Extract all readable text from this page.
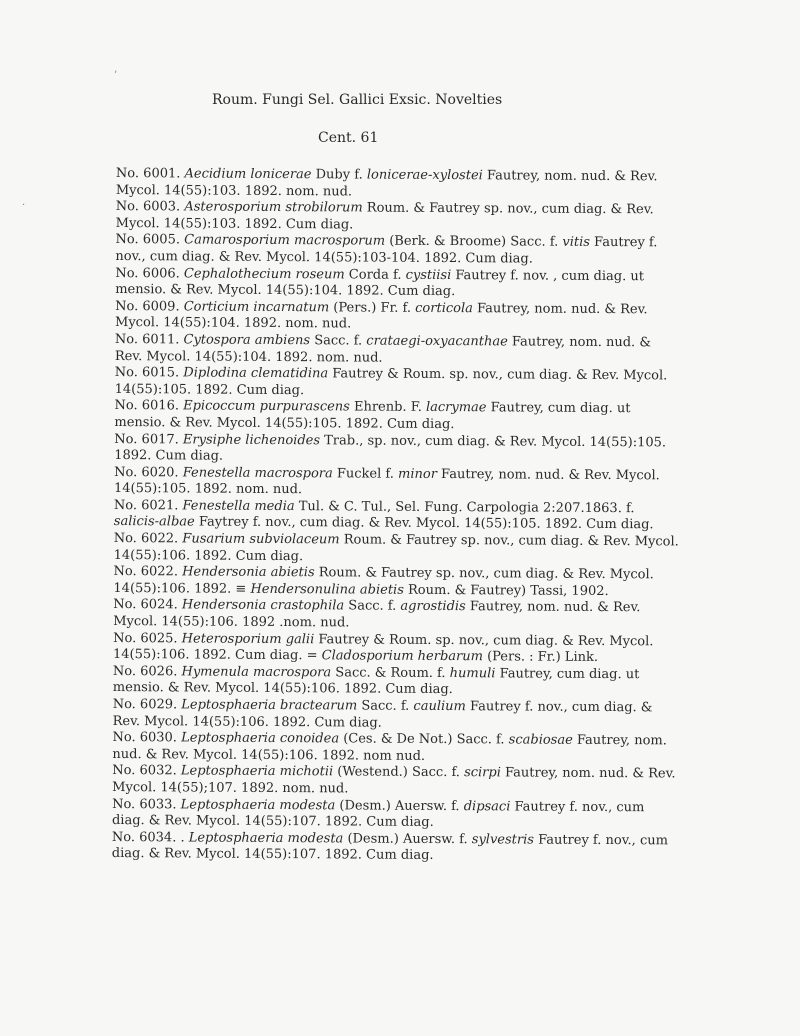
’
·
Roum. Fungi Sel. Gallici Exsic. Novelties
Cent. 61
No. 6001. Aecidium lonicerae Duby f. lonicerae-xylostei Fautrey, nom. nud. & Rev. Mycol. 14(55):103. 1892. nom. nud.
No. 6003. Asterosporium strobilorum Roum. & Fautrey sp. nov., cum diag. & Rev. Mycol. 14(55):103. 1892. Cum diag.
No. 6005. Camarosporium macrosporum (Berk. & Broome) Sacc. f. vitis Fautrey f. nov., cum diag. & Rev. Mycol. 14(55):103-104. 1892. Cum diag.
No. 6006. Cephalothecium roseum Corda f. cystiisi Fautrey f. nov. , cum diag. ut mensio. & Rev. Mycol. 14(55):104. 1892. Cum diag.
No. 6009. Corticium incarnatum (Pers.) Fr. f. corticola Fautrey, nom. nud. & Rev. Mycol. 14(55):104. 1892. nom. nud.
No. 6011. Cytospora ambiens Sacc. f. crataegi-oxyacanthae Fautrey, nom. nud. & Rev. Mycol. 14(55):104. 1892. nom. nud.
No. 6015. Diplodina clematidina Fautrey & Roum. sp. nov., cum diag. & Rev. Mycol. 14(55):105. 1892. Cum diag.
No. 6016. Epicoccum purpurascens Ehrenb. F. lacrymae Fautrey, cum diag. ut mensio. & Rev. Mycol. 14(55):105. 1892. Cum diag.
No. 6017. Erysiphe lichenoides Trab., sp. nov., cum diag. & Rev. Mycol. 14(55):105. 1892. Cum diag.
No. 6020. Fenestella macrospora Fuckel f. minor Fautrey, nom. nud. & Rev. Mycol. 14(55):105. 1892. nom. nud.
No. 6021. Fenestella media Tul. & C. Tul., Sel. Fung. Carpologia 2:207.1863. f. salicis-albae Faytrey f. nov., cum diag. & Rev. Mycol. 14(55):105. 1892. Cum diag.
No. 6022. Fusarium subviolaceum Roum. & Fautrey sp. nov., cum diag. & Rev. Mycol. 14(55):106. 1892. Cum diag.
No. 6022. Hendersonia abietis Roum. & Fautrey sp. nov., cum diag. & Rev. Mycol. 14(55):106. 1892. ≡ Hendersonulina abietis Roum. & Fautrey) Tassi, 1902.
No. 6024. Hendersonia crastophila Sacc. f. agrostidis Fautrey, nom. nud. & Rev. Mycol. 14(55):106. 1892 .nom. nud.
No. 6025. Heterosporium galii Fautrey & Roum. sp. nov., cum diag. & Rev. Mycol. 14(55):106. 1892. Cum diag. = Cladosporium herbarum (Pers. : Fr.) Link.
No. 6026. Hymenula macrospora Sacc. & Roum. f. humuli Fautrey, cum diag. ut mensio. & Rev. Mycol. 14(55):106. 1892. Cum diag.
No. 6029. Leptosphaeria bractearum Sacc. f. caulium Fautrey f. nov., cum diag. & Rev. Mycol. 14(55):106. 1892. Cum diag.
No. 6030. Leptosphaeria conoidea (Ces. & De Not.) Sacc. f. scabiosae Fautrey, nom. nud. & Rev. Mycol. 14(55):106. 1892. nom nud.
No. 6032. Leptosphaeria michotii (Westend.) Sacc. f. scirpi Fautrey, nom. nud. & Rev. Mycol. 14(55);107. 1892. nom. nud.
No. 6033. Leptosphaeria modesta (Desm.) Auersw. f. dipsaci Fautrey f. nov., cum diag. & Rev. Mycol. 14(55):107. 1892. Cum diag.
No. 6034. . Leptosphaeria modesta (Desm.) Auersw. f. sylvestris Fautrey f. nov., cum diag. & Rev. Mycol. 14(55):107. 1892. Cum diag.
